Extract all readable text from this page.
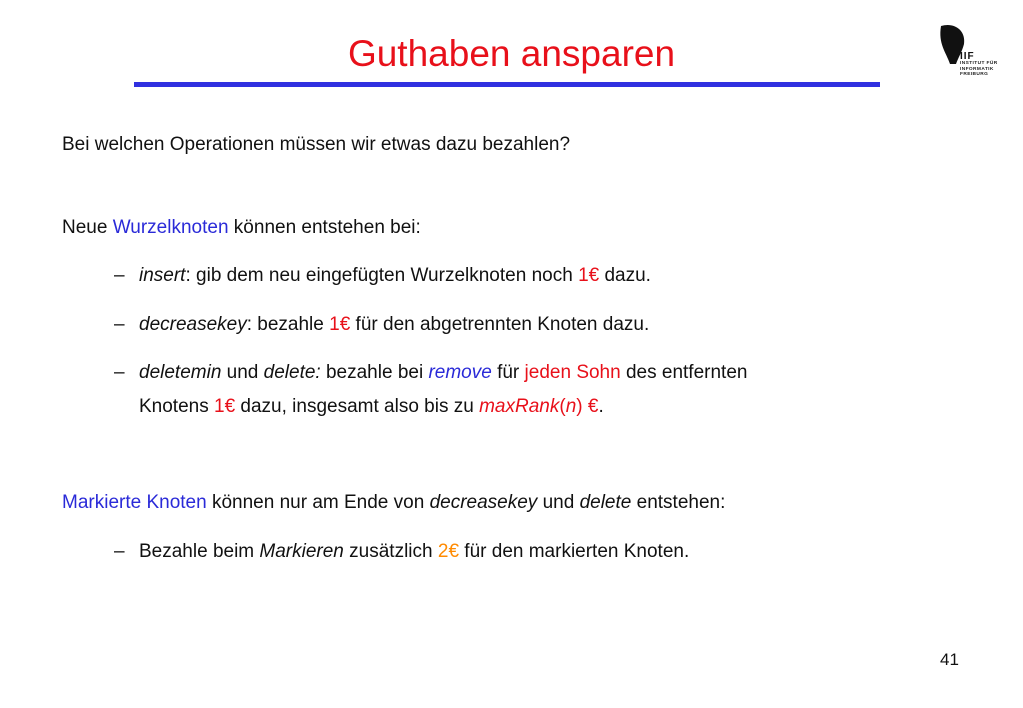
Guthaben ansparen	IIF
INSTITUT FÜR
INFORMATIK
FREIBURG
Bei welchen Operationen müssen wir etwas dazu bezahlen?
Neue Wurzelknoten können entstehen bei:
– insert: gib dem neu eingefügten Wurzelknoten noch 1€ dazu.
– decreasekey: bezahle 1€ für den abgetrennten Knoten dazu.
– deletemin und delete: bezahle bei remove für jeden Sohn des entfernten
Knotens 1€ dazu, insgesamt also bis zu maxRank(n) €.
Markierte Knoten können nur am Ende von decreasekey und delete entstehen:
– Bezahle beim Markieren zusätzlich 2€ für den markierten Knoten.
41
